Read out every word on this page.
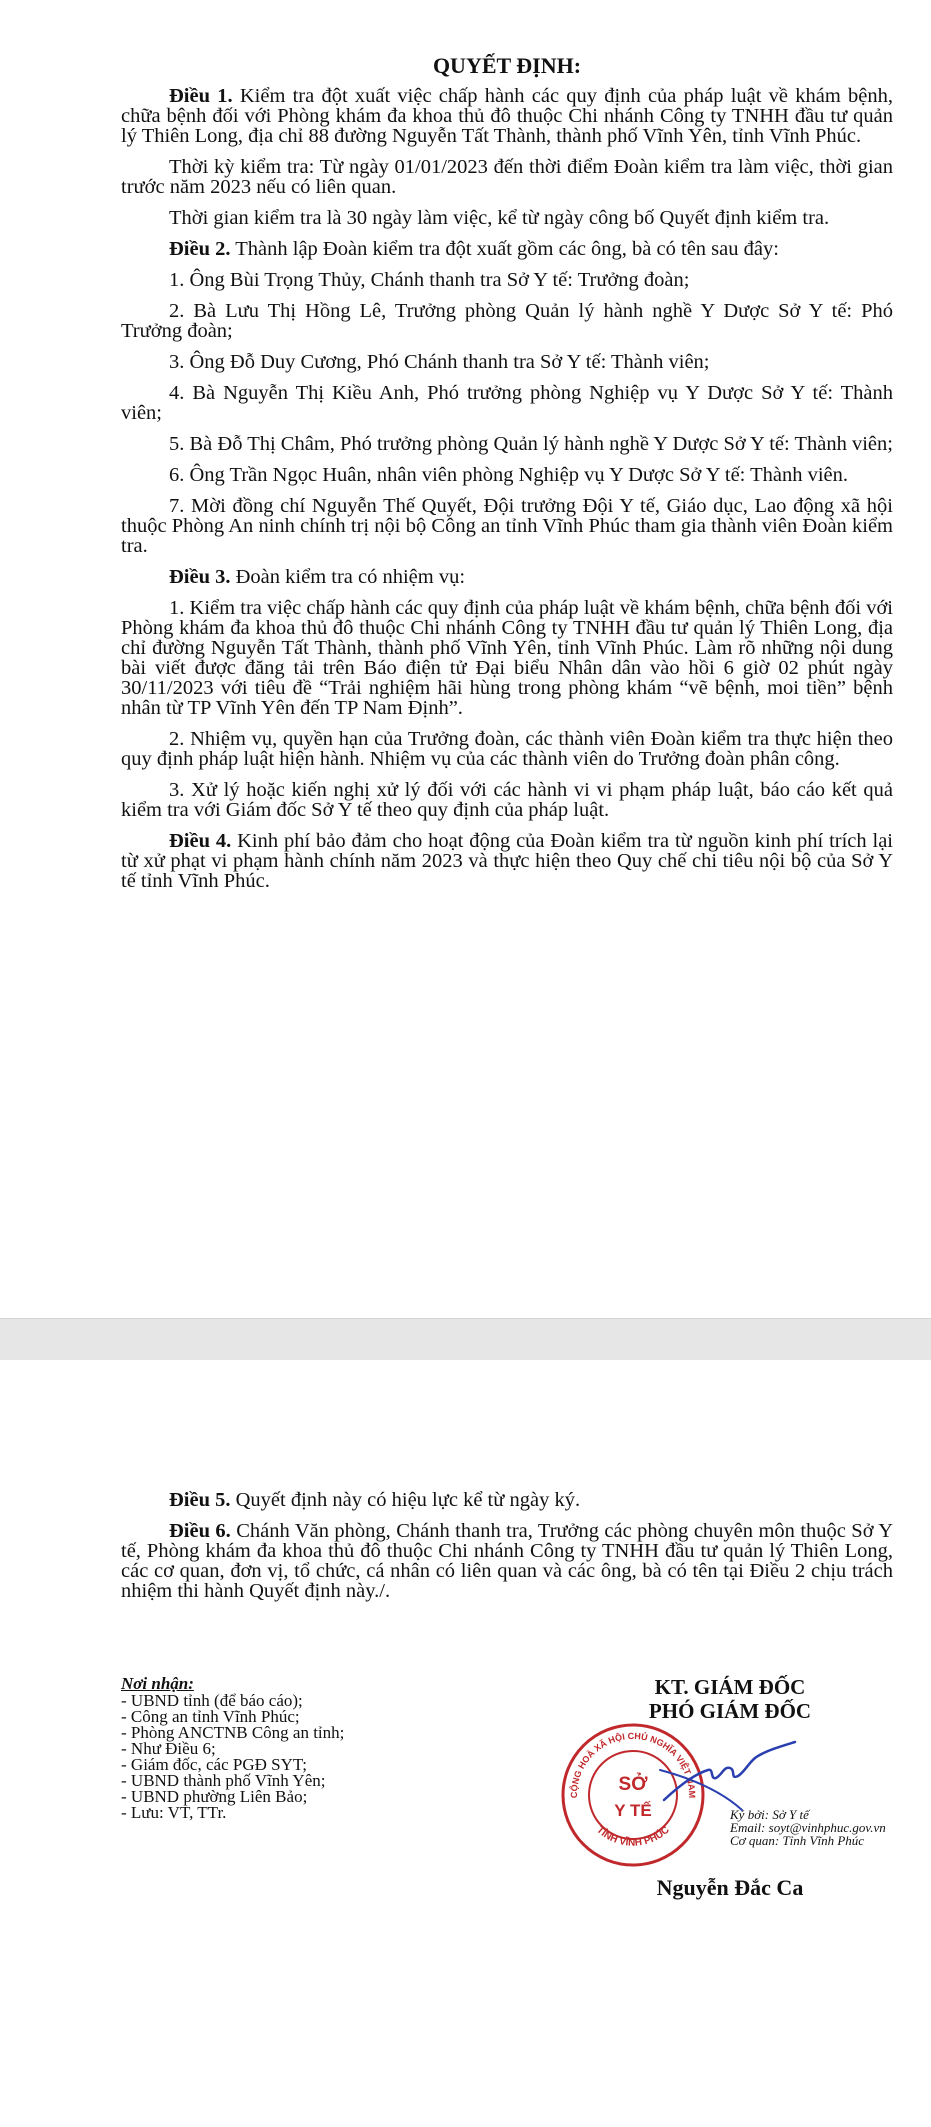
QUYẾT ĐỊNH:

Điều 1. Kiểm tra đột xuất việc chấp hành các quy định của pháp luật về khám bệnh, chữa bệnh đối với Phòng khám đa khoa thủ đô thuộc Chi nhánh Công ty TNHH đầu tư quản lý Thiên Long, địa chỉ 88 đường Nguyễn Tất Thành, thành phố Vĩnh Yên, tỉnh Vĩnh Phúc.

Thời kỳ kiểm tra: Từ ngày 01/01/2023 đến thời điểm Đoàn kiểm tra làm việc, thời gian trước năm 2023 nếu có liên quan.

Thời gian kiểm tra là 30 ngày làm việc, kể từ ngày công bố Quyết định kiểm tra.

Điều 2. Thành lập Đoàn kiểm tra đột xuất gồm các ông, bà có tên sau đây:

1. Ông Bùi Trọng Thủy, Chánh thanh tra Sở Y tế: Trưởng đoàn;

2. Bà Lưu Thị Hồng Lê, Trưởng phòng Quản lý hành nghề Y Dược Sở Y tế: Phó Trưởng đoàn;

3. Ông Đỗ Duy Cương, Phó Chánh thanh tra Sở Y tế: Thành viên;

4. Bà Nguyễn Thị Kiều Anh, Phó trưởng phòng Nghiệp vụ Y Dược Sở Y tế: Thành viên;

5. Bà Đỗ Thị Châm, Phó trưởng phòng Quản lý hành nghề Y Dược Sở Y tế: Thành viên;

6. Ông Trần Ngọc Huân, nhân viên phòng Nghiệp vụ Y Dược Sở Y tế: Thành viên.

7. Mời đồng chí Nguyễn Thế Quyết, Đội trưởng Đội Y tế, Giáo dục, Lao động xã hội thuộc Phòng An ninh chính trị nội bộ Công an tỉnh Vĩnh Phúc tham gia thành viên Đoàn kiểm tra.

Điều 3. Đoàn kiểm tra có nhiệm vụ:

1. Kiểm tra việc chấp hành các quy định của pháp luật về khám bệnh, chữa bệnh đối với Phòng khám đa khoa thủ đô thuộc Chi nhánh Công ty TNHH đầu tư quản lý Thiên Long, địa chỉ đường Nguyễn Tất Thành, thành phố Vĩnh Yên, tỉnh Vĩnh Phúc. Làm rõ những nội dung bài viết được đăng tải trên Báo điện tử Đại biểu Nhân dân vào hồi 6 giờ 02 phút ngày 30/11/2023 với tiêu đề “Trải nghiệm hãi hùng trong phòng khám “vẽ bệnh, moi tiền” bệnh nhân từ TP Vĩnh Yên đến TP Nam Định”.

2. Nhiệm vụ, quyền hạn của Trưởng đoàn, các thành viên Đoàn kiểm tra thực hiện theo quy định pháp luật hiện hành. Nhiệm vụ của các thành viên do Trưởng đoàn phân công.

3. Xử lý hoặc kiến nghị xử lý đối với các hành vi vi phạm pháp luật, báo cáo kết quả kiểm tra với Giám đốc Sở Y tế theo quy định của pháp luật.

Điều 4. Kinh phí bảo đảm cho hoạt động của Đoàn kiểm tra từ nguồn kinh phí trích lại từ xử phạt vi phạm hành chính năm 2023 và thực hiện theo Quy chế chi tiêu nội bộ của Sở Y tế tỉnh Vĩnh Phúc.

Điều 5. Quyết định này có hiệu lực kể từ ngày ký.

Điều 6. Chánh Văn phòng, Chánh thanh tra, Trưởng các phòng chuyên môn thuộc Sở Y tế, Phòng khám đa khoa thủ đô thuộc Chi nhánh Công ty TNHH đầu tư quản lý Thiên Long, các cơ quan, đơn vị, tổ chức, cá nhân có liên quan và các ông, bà có tên tại Điều 2 chịu trách nhiệm thi hành Quyết định này./.

Nơi nhận:
- UBND tỉnh (để báo cáo);
- Công an tỉnh Vĩnh Phúc;
- Phòng ANCTNB Công an tỉnh;
- Như Điều 6;
- Giám đốc, các PGĐ SYT;
- UBND thành phố Vĩnh Yên;
- UBND phường Liên Bảo;
- Lưu: VT, TTr.
KT. GIÁM ĐỐC
PHÓ GIÁM ĐỐC
CỘNG HOÀ XÃ HỘI CHỦ NGHĨA VIỆT NAM
TỈNH VĨNH PHÚC
SỞ
Y TẾ	Ký bởi: Sở Y tế
Email: soyt@vinhphuc.gov.vn
Cơ quan: Tỉnh Vĩnh Phúc
Nguyễn Đắc Ca
